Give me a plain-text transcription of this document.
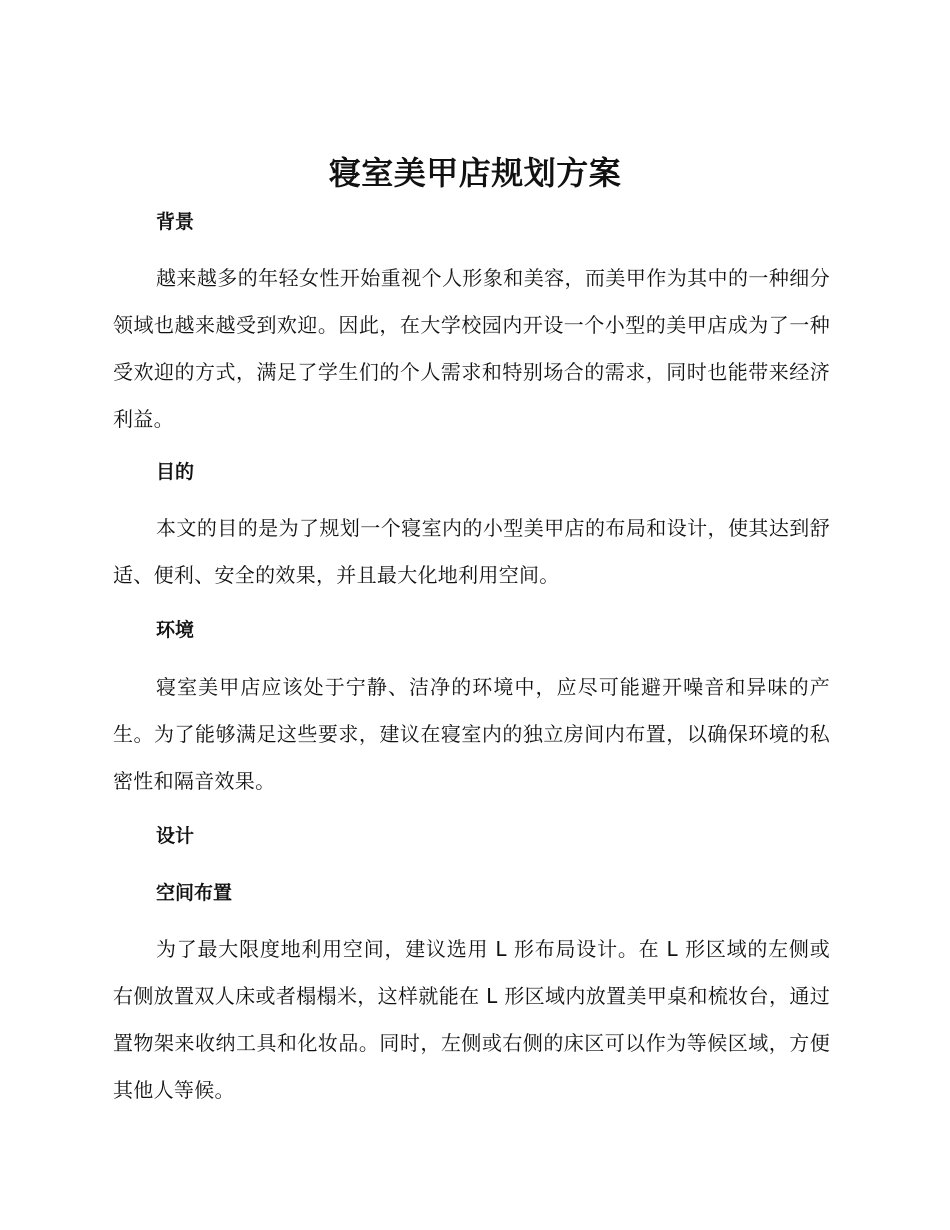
寝室美甲店规划方案
背景
越来越多的年轻女性开始重视个人形象和美容，而美甲作为其中的一种细分领域也越来越受到欢迎。因此，在大学校园内开设一个小型的美甲店成为了一种受欢迎的方式，满足了学生们的个人需求和特别场合的需求，同时也能带来经济利益。
目的
本文的目的是为了规划一个寝室内的小型美甲店的布局和设计，使其达到舒适、便利、安全的效果，并且最大化地利用空间。
环境
寝室美甲店应该处于宁静、洁净的环境中，应尽可能避开噪音和异味的产生。为了能够满足这些要求，建议在寝室内的独立房间内布置，以确保环境的私密性和隔音效果。
设计
空间布置
为了最大限度地利用空间，建议选用 L 形布局设计。在 L 形区域的左侧或右侧放置双人床或者榻榻米，这样就能在 L 形区域内放置美甲桌和梳妆台，通过置物架来收纳工具和化妆品。同时，左侧或右侧的床区可以作为等候区域，方便其他人等候。
